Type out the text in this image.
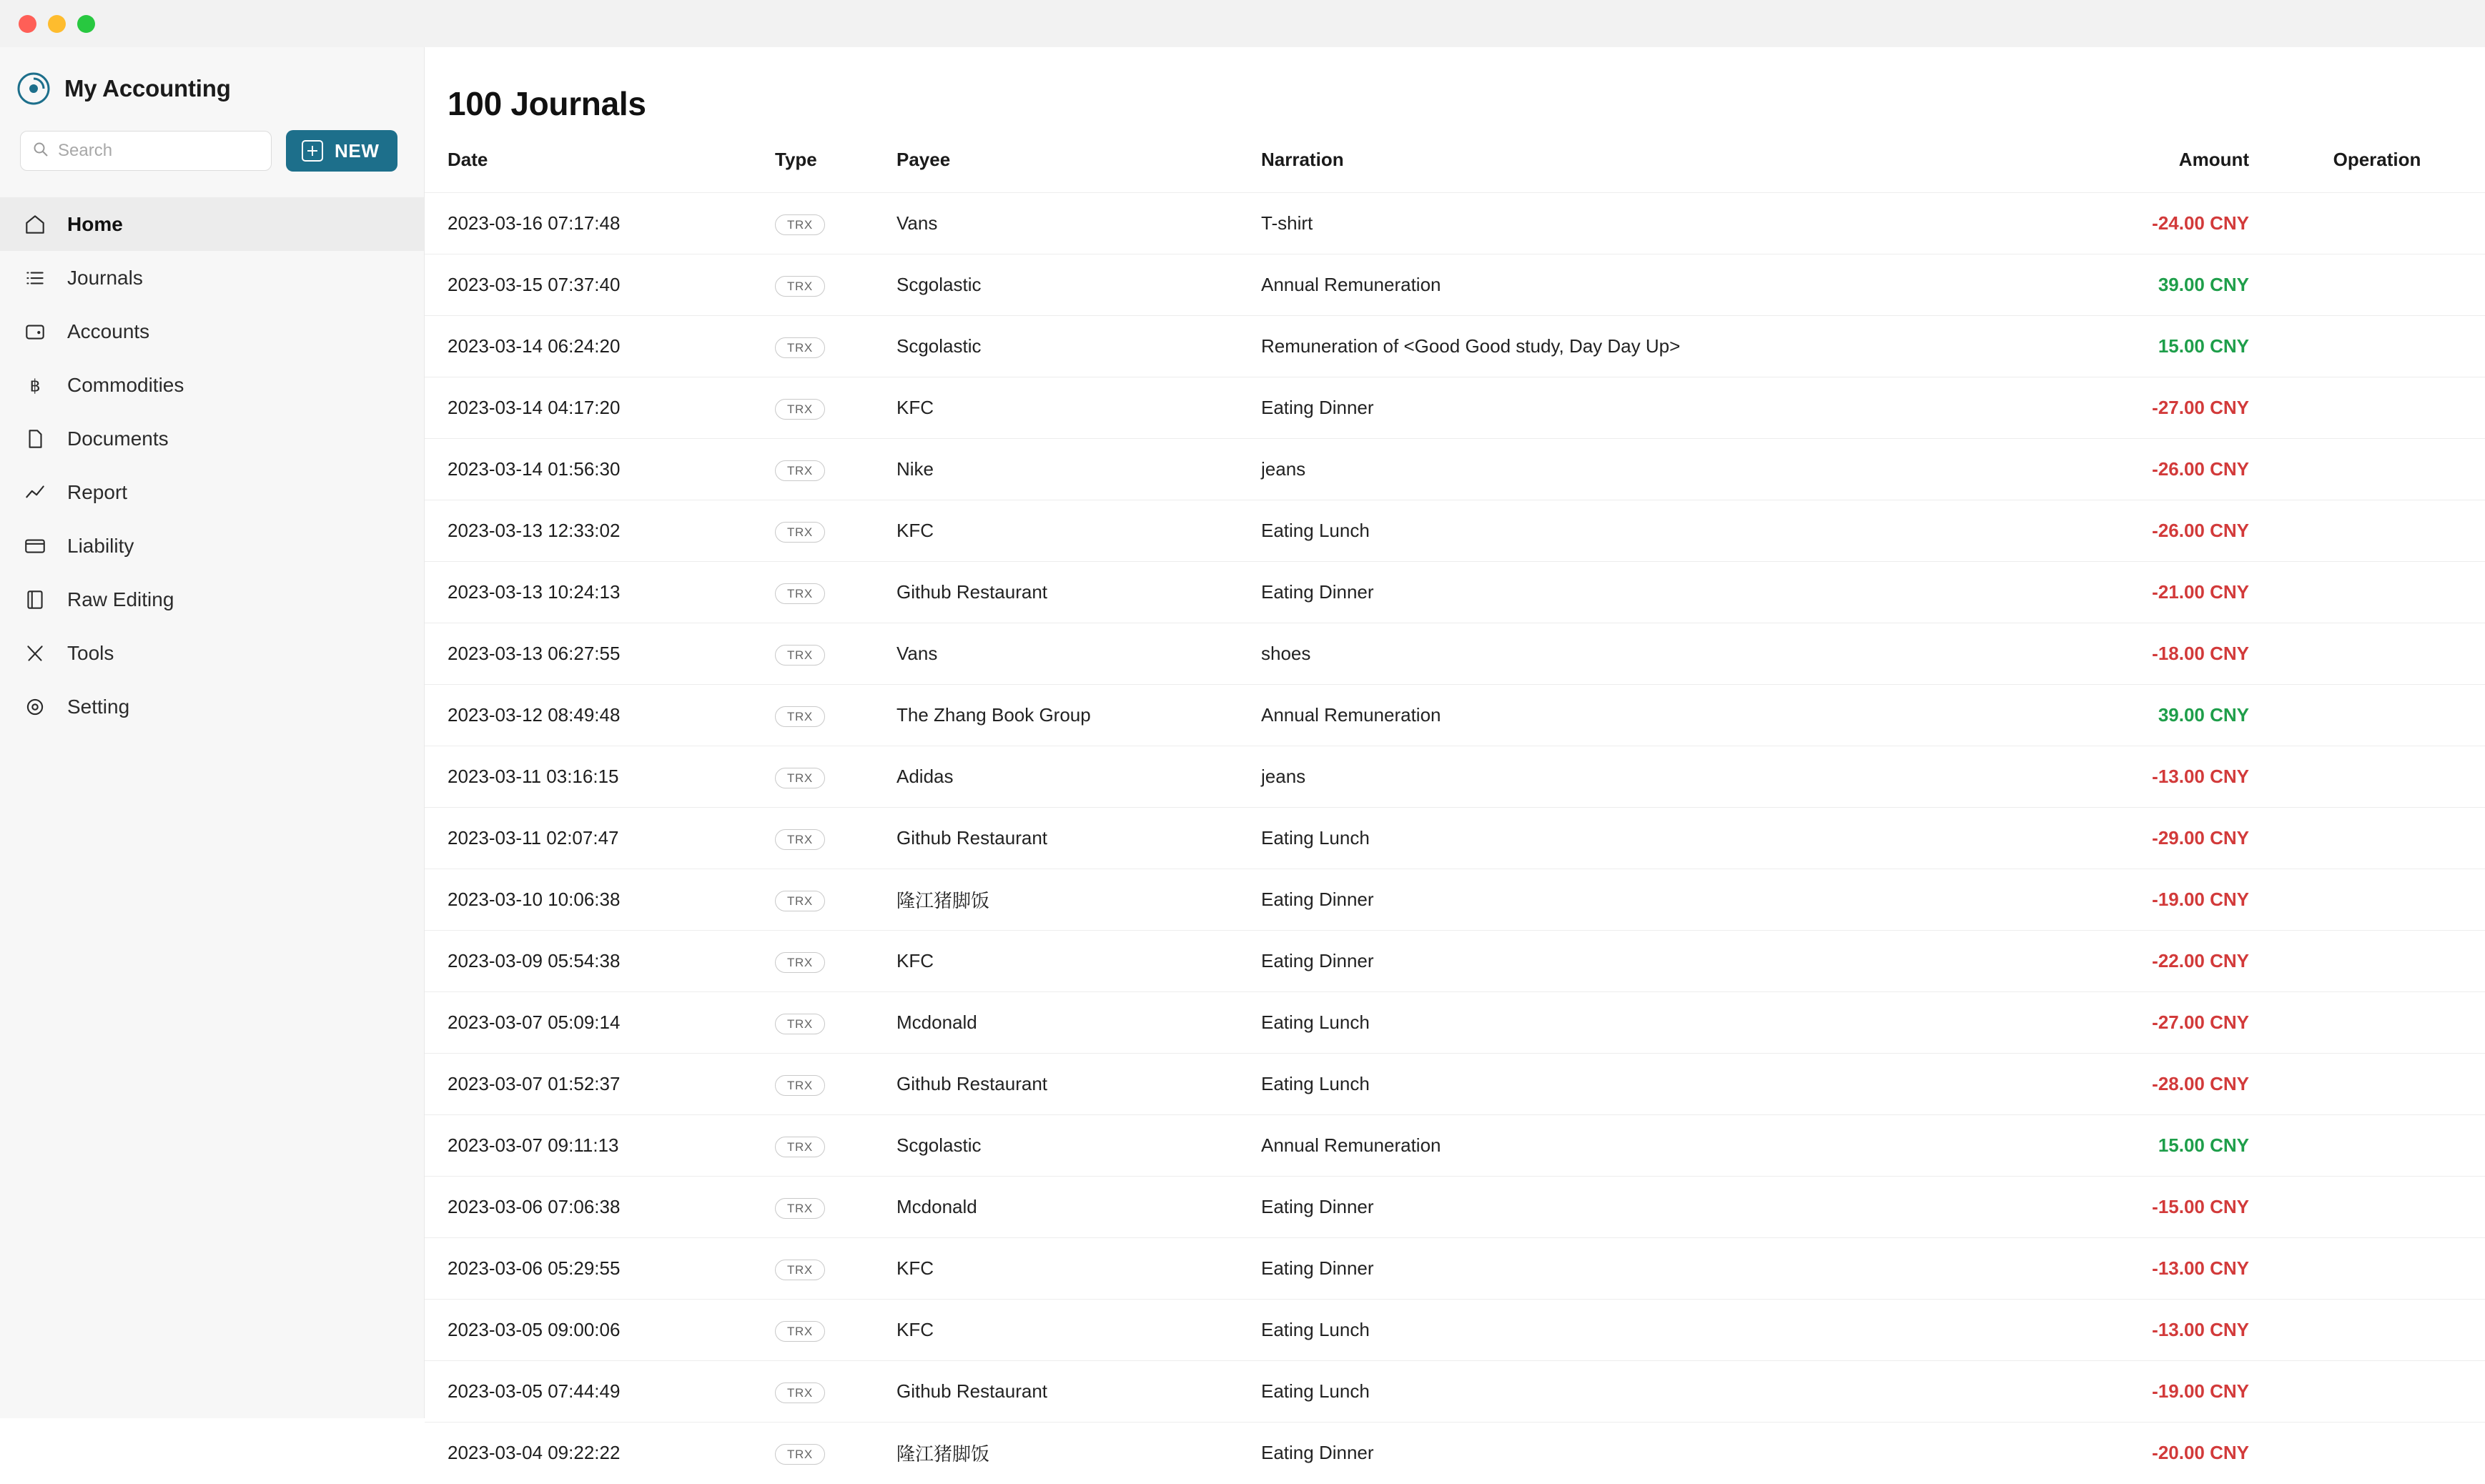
My Accounting
Search
NEW
Home
Journals
Accounts
฿ Commodities
Documents
Report
Liability
Raw Editing
Tools
Setting
100 Journals
Date	Type	Payee	Narration	Amount	Operation
2023-03-16 07:17:48	TRX	Vans	T-shirt	-24.00 CNY	
2023-03-15 07:37:40	TRX	Scgolastic	Annual Remuneration	39.00 CNY	
2023-03-14 06:24:20	TRX	Scgolastic	Remuneration of <Good Good study, Day Day Up>	15.00 CNY	
2023-03-14 04:17:20	TRX	KFC	Eating Dinner	-27.00 CNY	
2023-03-14 01:56:30	TRX	Nike	jeans	-26.00 CNY	
2023-03-13 12:33:02	TRX	KFC	Eating Lunch	-26.00 CNY	
2023-03-13 10:24:13	TRX	Github Restaurant	Eating Dinner	-21.00 CNY	
2023-03-13 06:27:55	TRX	Vans	shoes	-18.00 CNY	
2023-03-12 08:49:48	TRX	The Zhang Book Group	Annual Remuneration	39.00 CNY	
2023-03-11 03:16:15	TRX	Adidas	jeans	-13.00 CNY	
2023-03-11 02:07:47	TRX	Github Restaurant	Eating Lunch	-29.00 CNY	
2023-03-10 10:06:38	TRX	隆江猪脚饭	Eating Dinner	-19.00 CNY	
2023-03-09 05:54:38	TRX	KFC	Eating Dinner	-22.00 CNY	
2023-03-07 05:09:14	TRX	Mcdonald	Eating Lunch	-27.00 CNY	
2023-03-07 01:52:37	TRX	Github Restaurant	Eating Lunch	-28.00 CNY	
2023-03-07 09:11:13	TRX	Scgolastic	Annual Remuneration	15.00 CNY	
2023-03-06 07:06:38	TRX	Mcdonald	Eating Dinner	-15.00 CNY	
2023-03-06 05:29:55	TRX	KFC	Eating Dinner	-13.00 CNY	
2023-03-05 09:00:06	TRX	KFC	Eating Lunch	-13.00 CNY	
2023-03-05 07:44:49	TRX	Github Restaurant	Eating Lunch	-19.00 CNY	
2023-03-04 09:22:22	TRX	隆江猪脚饭	Eating Dinner	-20.00 CNY	
